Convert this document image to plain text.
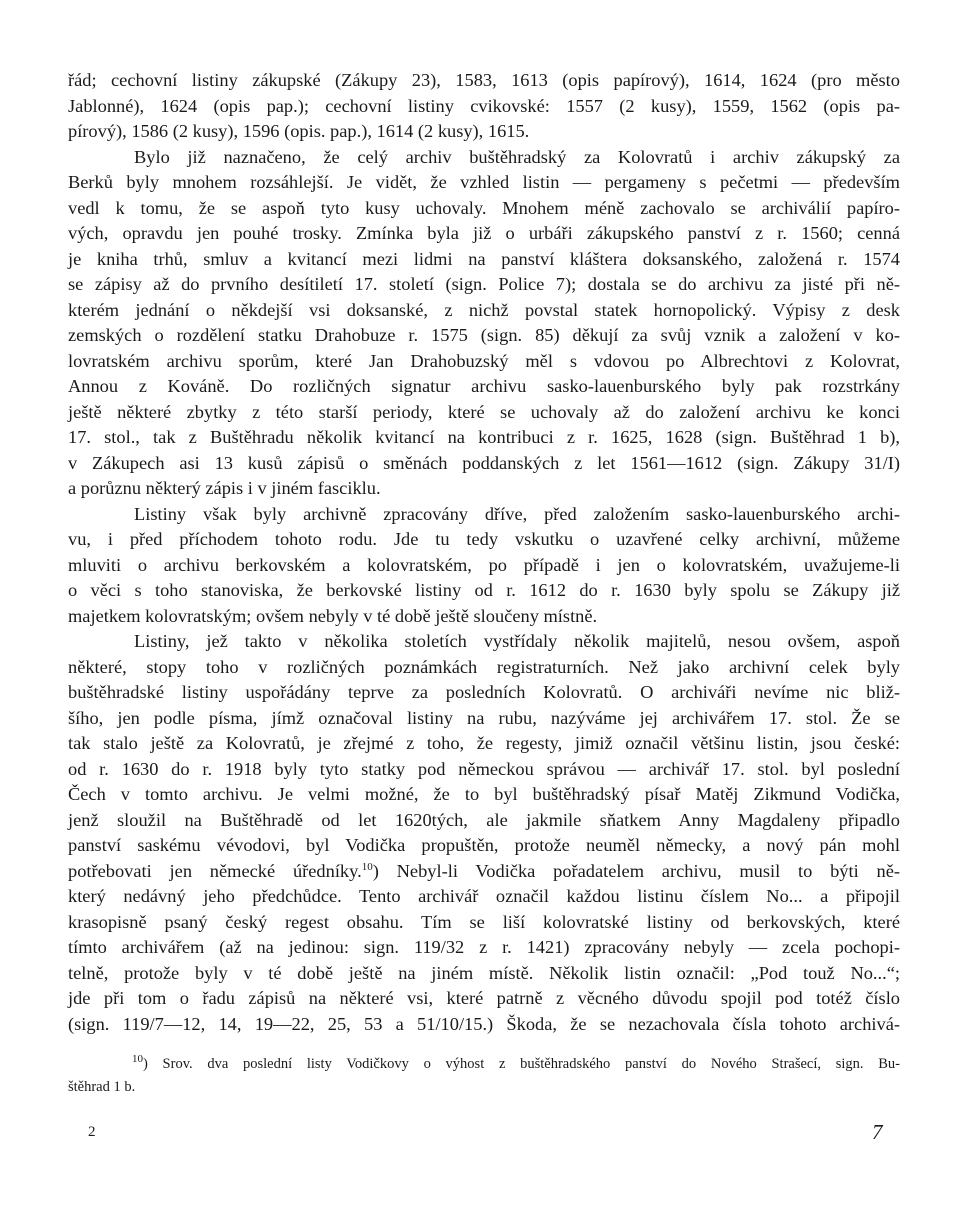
řád; cechovní listiny zákupské (Zákupy 23), 1583, 1613 (opis papírový), 1614, 1624 (pro město
Jablonné), 1624 (opis pap.); cechovní listiny cvikovské: 1557 (2 kusy), 1559, 1562 (opis pa-
pírový), 1586 (2 kusy), 1596 (opis. pap.), 1614 (2 kusy), 1615.
Bylo již naznačeno, že celý archiv buštěhradský za Kolovratů i archiv zákupský za
Berků byly mnohem rozsáhlejší. Je vidět, že vzhled listin — pergameny s pečetmi — především
vedl k tomu, že se aspoň tyto kusy uchovaly. Mnohem méně zachovalo se archiválií papíro-
vých, opravdu jen pouhé trosky. Zmínka byla již o urbáři zákupského panství z r. 1560; cenná
je kniha trhů, smluv a kvitancí mezi lidmi na panství kláštera doksanského, založená r. 1574
se zápisy až do prvního desítiletí 17. století (sign. Police 7); dostala se do archivu za jisté při ně-
kterém jednání o někdejší vsi doksanské, z nichž povstal statek hornopolický. Výpisy z desk
zemských o rozdělení statku Drahobuze r. 1575 (sign. 85) děkují za svůj vznik a založení v ko-
lovratském archivu sporům, které Jan Drahobuzský měl s vdovou po Albrechtovi z Kolovrat,
Annou z Kováně. Do rozličných signatur archivu sasko-lauenburského byly pak rozstrkány
ještě některé zbytky z této starší periody, které se uchovaly až do založení archivu ke konci
17. stol., tak z Buštěhradu několik kvitancí na kontribuci z r. 1625, 1628 (sign. Buštěhrad 1 b),
v Zákupech asi 13 kusů zápisů o směnách poddanských z let 1561—1612 (sign. Zákupy 31/I)
a porůznu některý zápis i v jiném fasciklu.
Listiny však byly archivně zpracovány dříve, před založením sasko-lauenburského archi-
vu, i před příchodem tohoto rodu. Jde tu tedy vskutku o uzavřené celky archivní, můžeme
mluviti o archivu berkovském a kolovratském, po případě i jen o kolovratském, uvažujeme-li
o věci s toho stanoviska, že berkovské listiny od r. 1612 do r. 1630 byly spolu se Zákupy již
majetkem kolovratským; ovšem nebyly v té době ještě sloučeny místně.
Listiny, jež takto v několika stoletích vystřídaly několik majitelů, nesou ovšem, aspoň
některé, stopy toho v rozličných poznámkách registraturních. Než jako archivní celek byly
buštěhradské listiny uspořádány teprve za posledních Kolovratů. O archiváři nevíme nic bliž-
šího, jen podle písma, jímž označoval listiny na rubu, nazýváme jej archivářem 17. stol. Že se
tak stalo ještě za Kolovratů, je zřejmé z toho, že regesty, jimiž označil většinu listin, jsou české:
od r. 1630 do r. 1918 byly tyto statky pod německou správou — archivář 17. stol. byl poslední
Čech v tomto archivu. Je velmi možné, že to byl buštěhradský písař Matěj Zikmund Vodička,
jenž sloužil na Buštěhradě od let 1620tých, ale jakmile sňatkem Anny Magdaleny připadlo
panství saskému vévodovi, byl Vodička propuštěn, protože neuměl německy, a nový pán mohl
potřebovati jen německé úředníky.$^{10}$) Nebyl-li Vodička pořadatelem archivu, musil to býti ně-
který nedávný jeho předchůdce. Tento archivář označil každou listinu číslem No... a připojil
krasopisně psaný český regest obsahu. Tím se liší kolovratské listiny od berkovských, které
tímto archivářem (až na jedinou: sign. 119/32 z r. 1421) zpracovány nebyly — zcela pochopi-
telně, protože byly v té době ještě na jiném místě. Několik listin označil: „Pod touž No...“;
jde při tom o řadu zápisů na některé vsi, které patrně z věcného důvodu spojil pod totéž číslo
(sign. 119/7—12, 14, 19—22, 25, 53 a 51/10/15.) Škoda, že se nezachovala čísla tohoto archivá-
$^{10}$) Srov. dva poslední listy Vodičkovy o výhost z buštěhradského panství do Nového Strašecí, sign. Bu-
štěhrad 1 b.
2	7
